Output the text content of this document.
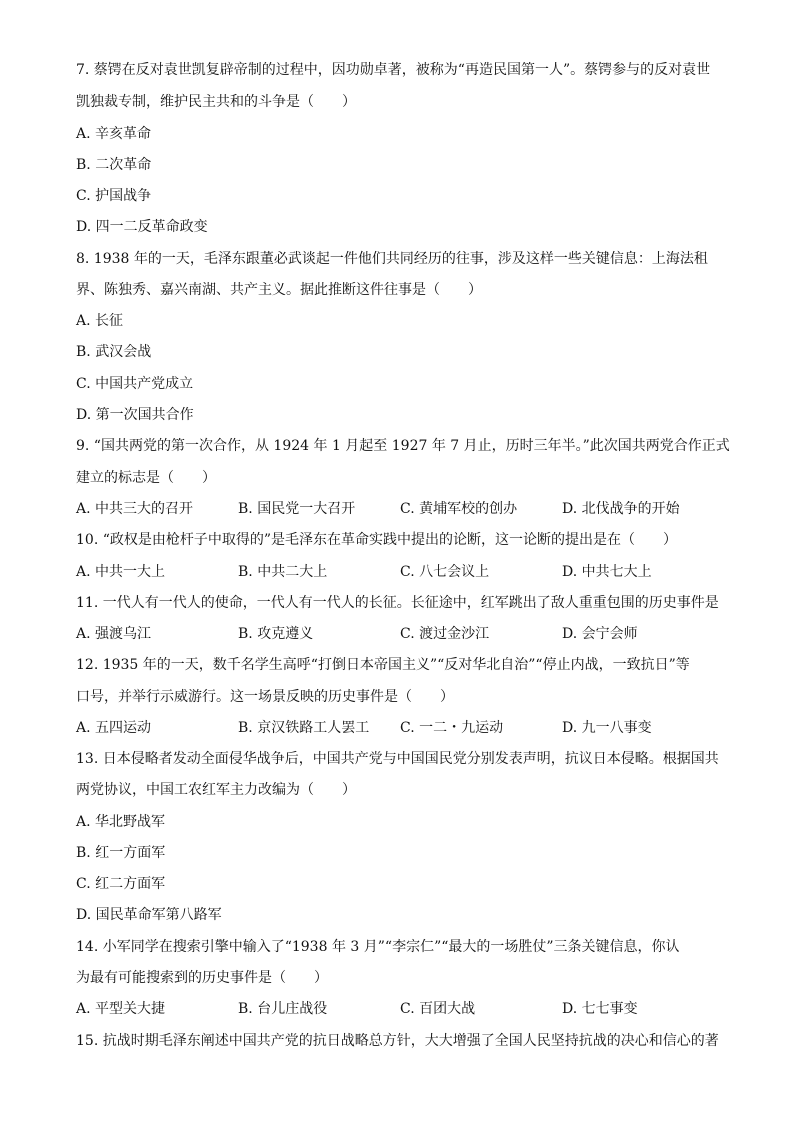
7. 蔡锷在反对袁世凯复辟帝制的过程中，因功勋卓著，被称为“再造民国第一人”。蔡锷参与的反对袁世
凯独裁专制，维护民主共和的斗争是（　　）
A. 辛亥革命
B. 二次革命
C. 护国战争
D. 四一二反革命政变
8. 1938 年的一天，毛泽东跟董必武谈起一件他们共同经历的往事，涉及这样一些关键信息：上海法租
界、陈独秀、嘉兴南湖、共产主义。据此推断这件往事是（　　）
A. 长征
B. 武汉会战
C. 中国共产党成立
D. 第一次国共合作
9. “国共两党的第一次合作，从 1924 年 1 月起至 1927 年 7 月止，历时三年半。”此次国共两党合作正式
建立的标志是（　　）
A. 中共三大的召开	B. 国民党一大召开	C. 黄埔军校的创办	D. 北伐战争的开始
10. “政权是由枪杆子中取得的”是毛泽东在革命实践中提出的论断，这一论断的提出是在（　　）
A. 中共一大上	B. 中共二大上	C. 八七会议上	D. 中共七大上
11. 一代人有一代人的使命，一代人有一代人的长征。长征途中，红军跳出了敌人重重包围的历史事件是
A. 强渡乌江	B. 攻克遵义	C. 渡过金沙江	D. 会宁会师
12. 1935 年的一天，数千名学生高呼“打倒日本帝国主义”“反对华北自治”“停止内战，一致抗日”等
口号，并举行示威游行。这一场景反映的历史事件是（　　）
A. 五四运动	B. 京汉铁路工人罢工 C. 一二・九运动	D. 九一八事变
13. 日本侵略者发动全面侵华战争后，中国共产党与中国国民党分别发表声明，抗议日本侵略。根据国共
两党协议，中国工农红军主力改编为（　　）
A. 华北野战军
B. 红一方面军
C. 红二方面军
D. 国民革命军第八路军
14. 小军同学在搜索引擎中输入了“1938 年 3 月”“李宗仁”“最大的一场胜仗”三条关键信息，你认
为最有可能搜索到的历史事件是（　　）
A. 平型关大捷	B. 台儿庄战役	C. 百团大战	D. 七七事变
15. 抗战时期毛泽东阐述中国共产党的抗日战略总方针，大大增强了全国人民坚持抗战的决心和信心的著
